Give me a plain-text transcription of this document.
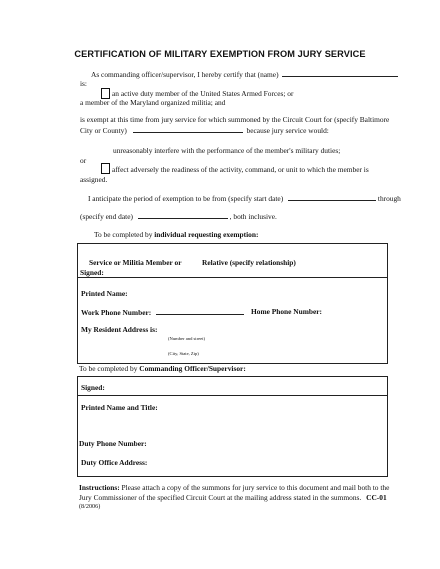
CERTIFICATION OF MILITARY EXEMPTION FROM JURY SERVICE
As commanding officer/supervisor, I hereby certify that (name)
is:
an active duty member of the United States Armed Forces; or
a member of the Maryland organized militia; and
is exempt at this time from jury service for which summoned by the Circuit Court for (specify Baltimore
City or County)	because jury service would:
unreasonably interfere with the performance of the member's military duties;
or
affect adversely the readiness of the activity, command, or unit to which the member is
assigned.
I anticipate the period of exemption to be from (specify start date)	through
(specify end date)	, both inclusive.
To be completed by individual requesting exemption:
Service or Militia Member or	Relative (specify relationship)
Signed:
Printed Name:
Work Phone Number:	Home Phone Number:
My Resident Address is:
(Number and street)
(City, State, Zip)
To be completed by Commanding Officer/Supervisor:
Signed:
Printed Name and Title:
Duty Phone Number:
Duty Office Address:
Instructions: Please attach a copy of the summons for jury service to this document and mail both to the
Jury Commissioner of the specified Circuit Court at the mailing address stated in the summons. CC-01
(8/2006)
